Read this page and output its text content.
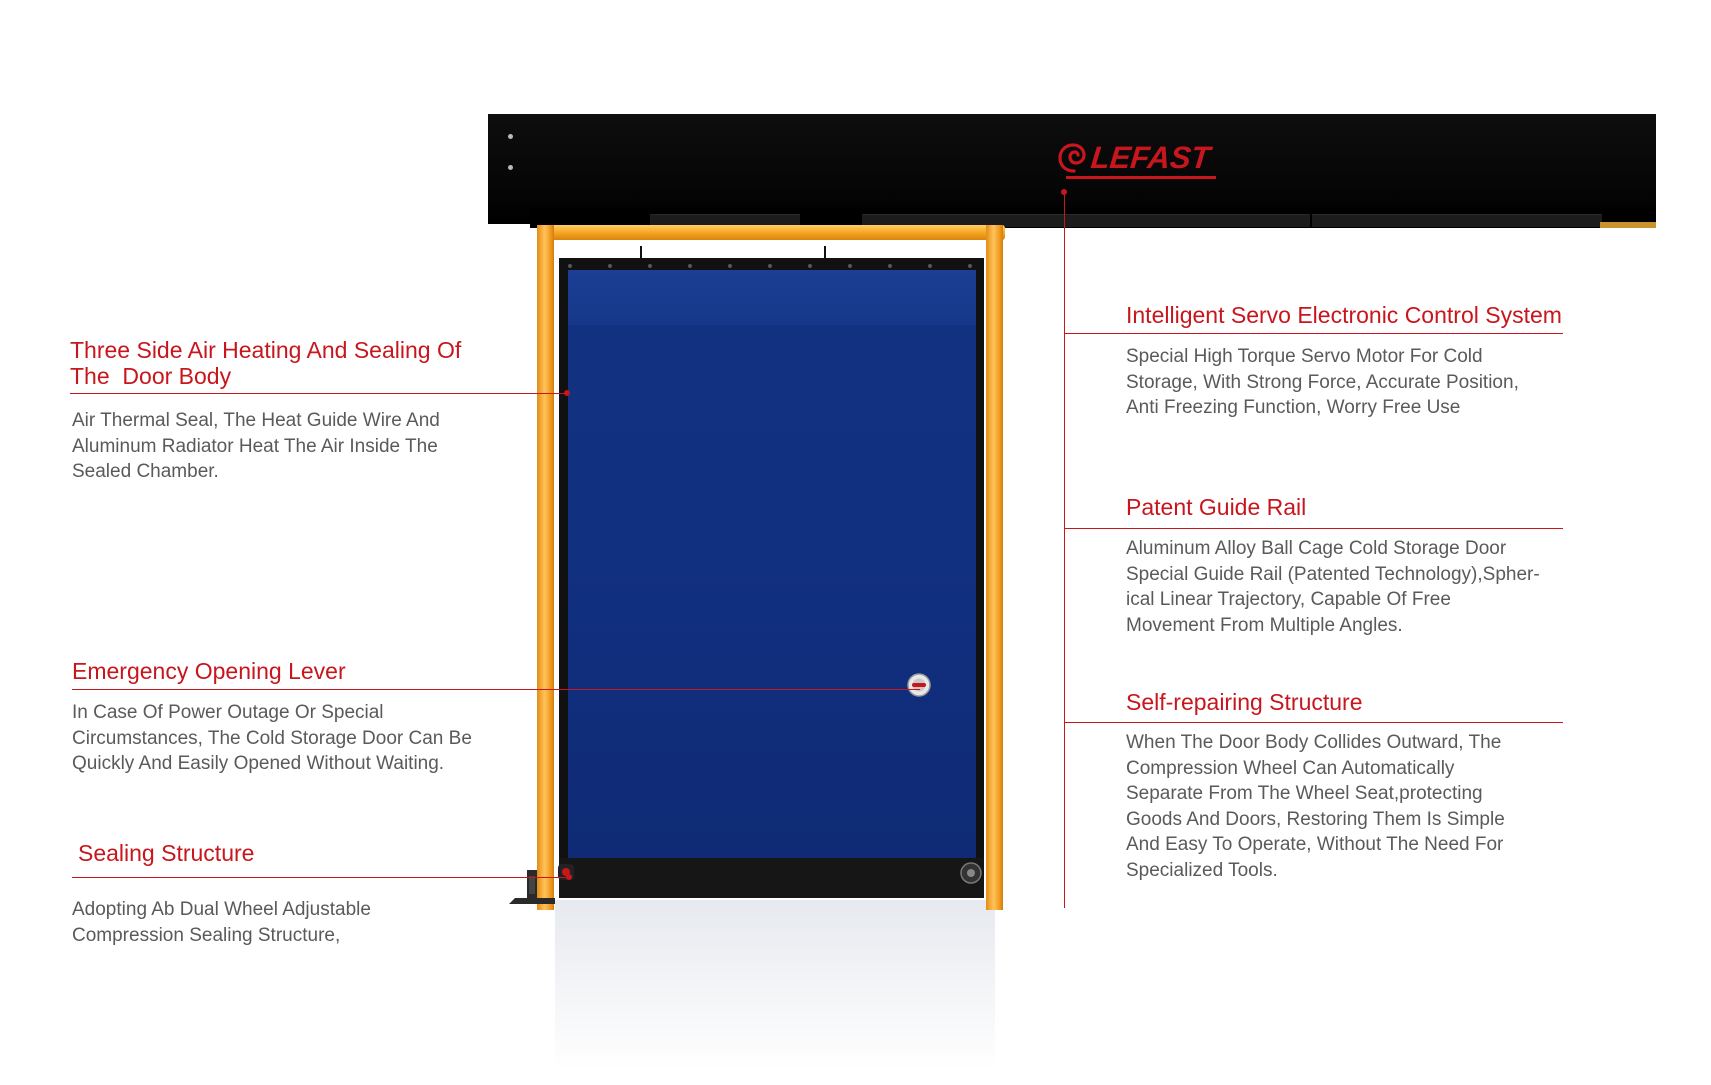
LEFAST
Three Side Air Heating And Sealing Of
The  Door Body
Air Thermal Seal, The Heat Guide Wire And
Aluminum Radiator Heat The Air Inside The
Sealed Chamber.
Emergency Opening Lever
In Case Of Power Outage Or Special
Circumstances, The Cold Storage Door Can Be
Quickly And Easily Opened Without Waiting.
Sealing Structure
Adopting Ab Dual Wheel Adjustable
Compression Sealing Structure,
Intelligent Servo Electronic Control System
Special High Torque Servo Motor For Cold
Storage, With Strong Force, Accurate Position,
Anti Freezing Function, Worry Free Use
Patent Guide Rail
Aluminum Alloy Ball Cage Cold Storage Door
Special Guide Rail (Patented Technology),Spher-
ical Linear Trajectory, Capable Of Free
Movement From Multiple Angles.
Self-repairing Structure
When The Door Body Collides Outward, The
Compression Wheel Can Automatically
Separate From The Wheel Seat,protecting
Goods And Doors, Restoring Them Is Simple
And Easy To Operate, Without The Need For
Specialized Tools.
